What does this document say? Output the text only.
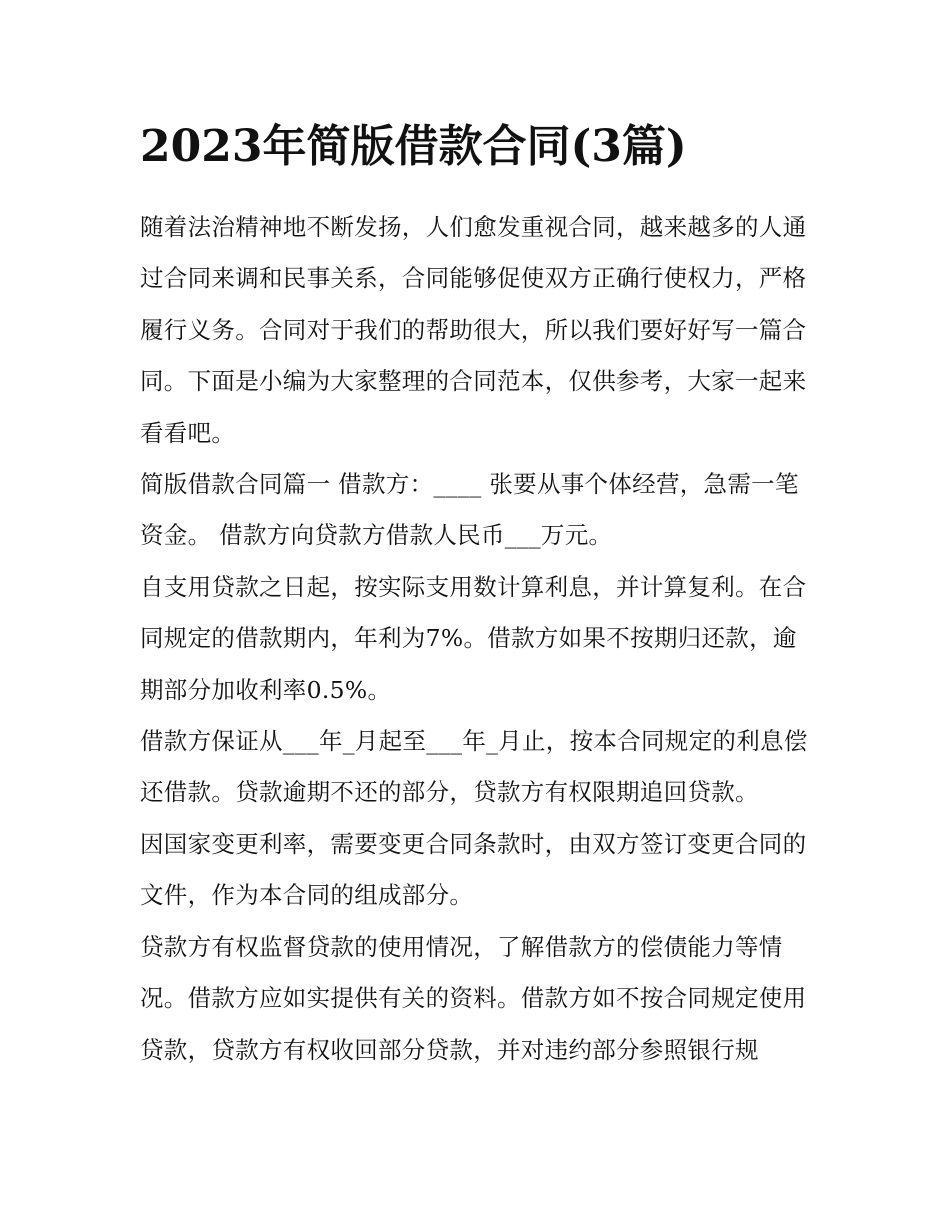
2023年简版借款合同(3篇)

随着法治精神地不断发扬，人们愈发重视合同，越来越多的人通过合同来调和民事关系，合同能够促使双方正确行使权力，严格履行义务。合同对于我们的帮助很大，所以我们要好好写一篇合同。下面是小编为大家整理的合同范本，仅供参考，大家一起来看看吧。

简版借款合同篇一 借款方：____ 张要从事个体经营，急需一笔资金。 借款方向贷款方借款人民币___万元。

自支用贷款之日起，按实际支用数计算利息，并计算复利。在合同规定的借款期内，年利为7%。借款方如果不按期归还款，逾期部分加收利率0.5%。

借款方保证从___年_月起至___年_月止，按本合同规定的利息偿还借款。贷款逾期不还的部分，贷款方有权限期追回贷款。

因国家变更利率，需要变更合同条款时，由双方签订变更合同的文件，作为本合同的组成部分。

贷款方有权监督贷款的使用情况，了解借款方的偿债能力等情况。借款方应如实提供有关的资料。借款方如不按合同规定使用贷款，贷款方有权收回部分贷款，并对违约部分参照银行规
